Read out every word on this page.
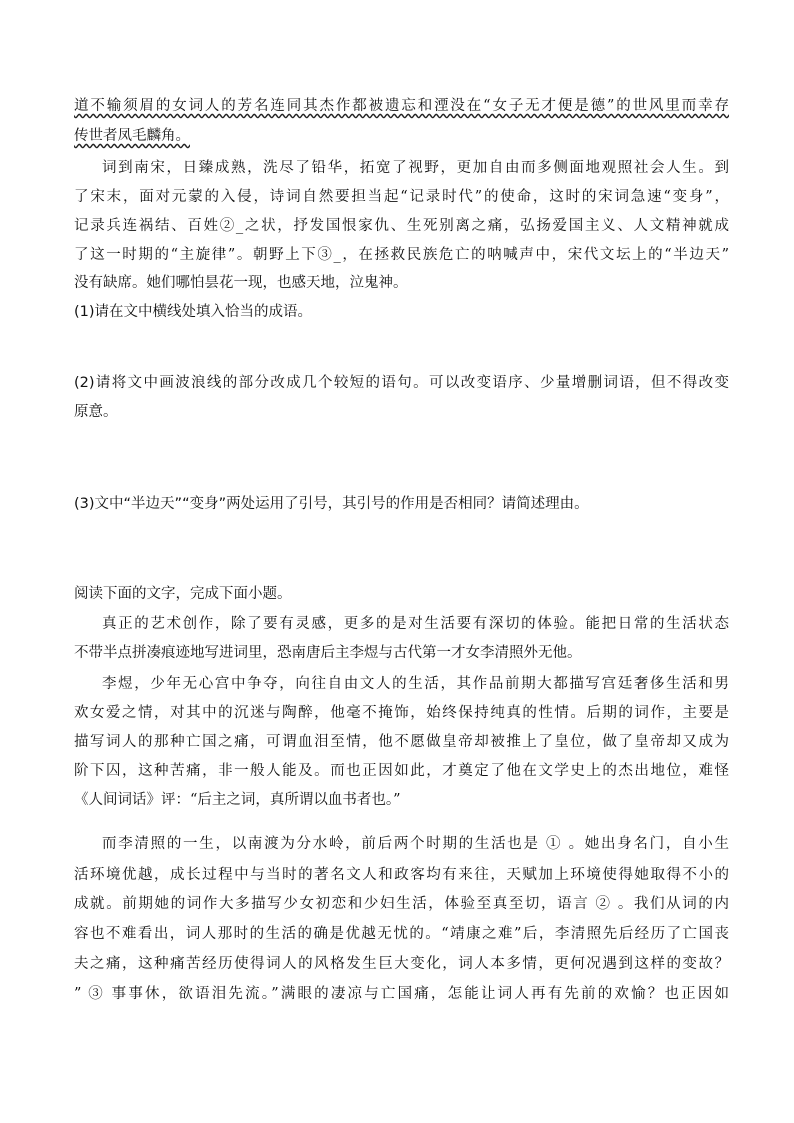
道不输须眉的女词人的芳名连同其杰作都被遗忘和湮没在“女子无才便是德”的世风里而幸存
传世者凤毛麟角。
词到南宋，日臻成熟，洗尽了铅华，拓宽了视野，更加自由而多侧面地观照社会人生。到
了宋末，面对元蒙的入侵，诗词自然要担当起“记录时代”的使命，这时的宋词急速“变身”，
记录兵连祸结、百姓②_之状，抒发国恨家仇、生死别离之痛，弘扬爱国主义、人文精神就成
了这一时期的“主旋律”。朝野上下③_，在拯救民族危亡的呐喊声中，宋代文坛上的“半边天”
没有缺席。她们哪怕昙花一现，也感天地，泣鬼神。
(1)请在文中横线处填入恰当的成语。
(2)请将文中画波浪线的部分改成几个较短的语句。可以改变语序、少量增删词语，但不得改变
原意。
(3)文中“半边天”“变身”两处运用了引号，其引号的作用是否相同？请简述理由。
阅读下面的文字，完成下面小题。
真正的艺术创作，除了要有灵感，更多的是对生活要有深切的体验。能把日常的生活状态
不带半点拼凑痕迹地写进词里，恐南唐后主李煜与古代第一才女李清照外无他。
李煜，少年无心宫中争夺，向往自由文人的生活，其作品前期大都描写宫廷奢侈生活和男
欢女爱之情，对其中的沉迷与陶醉，他毫不掩饰，始终保持纯真的性情。后期的词作，主要是
描写词人的那种亡国之痛，可谓血泪至情，他不愿做皇帝却被推上了皇位，做了皇帝却又成为
阶下囚，这种苦痛，非一般人能及。而也正因如此，才奠定了他在文学史上的杰出地位，难怪
《人间词话》评：“后主之词，真所谓以血书者也。”
而李清照的一生，以南渡为分水岭，前后两个时期的生活也是 ① 。她出身名门，自小生
活环境优越，成长过程中与当时的著名文人和政客均有来往，天赋加上环境使得她取得不小的
成就。前期她的词作大多描写少女初恋和少妇生活，体验至真至切，语言 ② 。我们从词的内
容也不难看出，词人那时的生活的确是优越无忧的。“靖康之难”后，李清照先后经历了亡国丧
夫之痛，这种痛苦经历使得词人的风格发生巨大变化，词人本多情，更何况遇到这样的变故？
” ③ 事事休，欲语泪先流。”满眼的凄凉与亡国痛，怎能让词人再有先前的欢愉？也正因如
